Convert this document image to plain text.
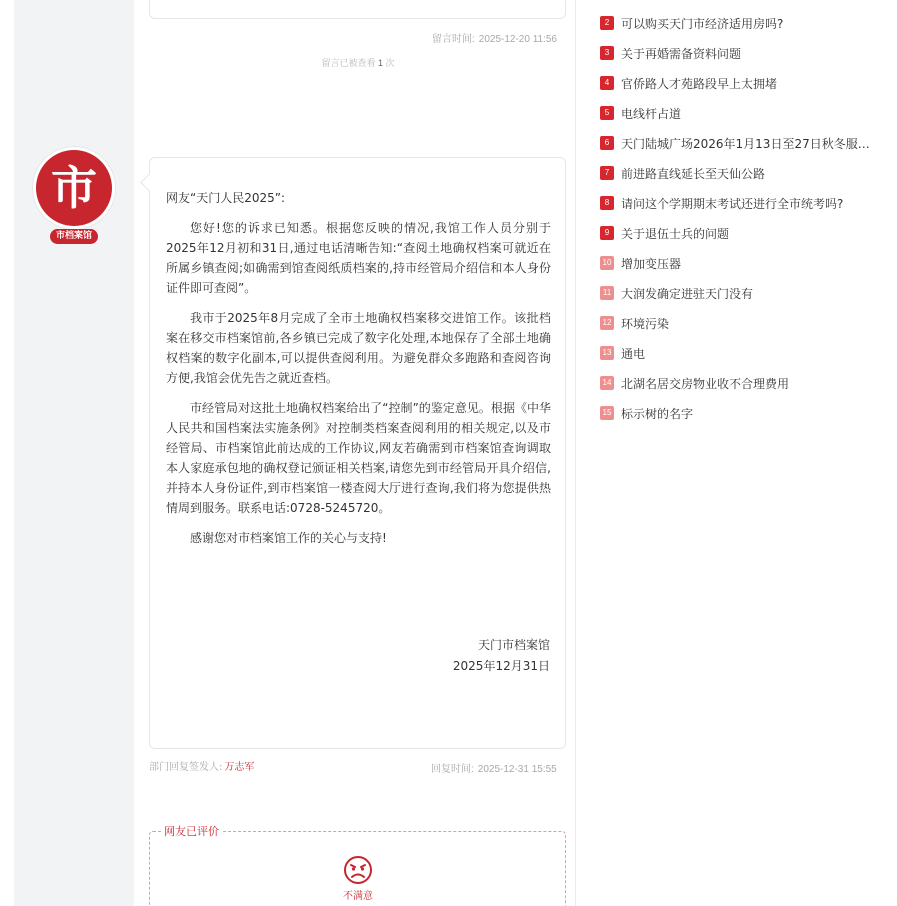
留言时间: 2025-12-20 11:56
留言已被查看 1 次
市
市档案馆

网友“天门人民2025”:

您好!您的诉求已知悉。根据您反映的情况,我馆工作人员分别于2025年12月初和31日,通过电话清晰告知:“查阅土地确权档案可就近在所属乡镇查阅;如确需到馆查阅纸质档案的,持市经管局介绍信和本人身份证件即可查阅”。

我市于2025年8月完成了全市土地确权档案移交进馆工作。该批档案在移交市档案馆前,各乡镇已完成了数字化处理,本地保存了全部土地确权档案的数字化副本,可以提供查阅利用。为避免群众多跑路和查阅咨询方便,我馆会优先告之就近查档。

市经管局对这批土地确权档案给出了“控制”的鉴定意见。根据《中华人民共和国档案法实施条例》对控制类档案查阅利用的相关规定,以及市经管局、市档案馆此前达成的工作协议,网友若确需到市档案馆查询调取本人家庭承包地的确权登记颁证相关档案,请您先到市经管局开具介绍信,并持本人身份证件,到市档案馆一楼查阅大厅进行查询,我们将为您提供热情周到服务。联系电话:0728-5245720。

感谢您对市档案馆工作的关心与支持!

天门市档案馆
2025年12月31日
部门回复签发人: 万志军	回复时间: 2025-12-31 15:55
网友已评价
不满意
2 可以购买天门市经济适用房吗?
3 关于再婚需备资料问题
4 官侨路人才苑路段早上太拥堵
5 电线杆占道
6 天门陆城广场2026年1月13日至27日秋冬服装...
7 前进路直线延长至天仙公路
8 请问这个学期期末考试还进行全市统考吗?
9 关于退伍士兵的问题
10 增加变压器
11 大润发确定进驻天门没有
12 环境污染
13 通电
14 北湖名居交房物业收不合理费用
15 标示树的名字
